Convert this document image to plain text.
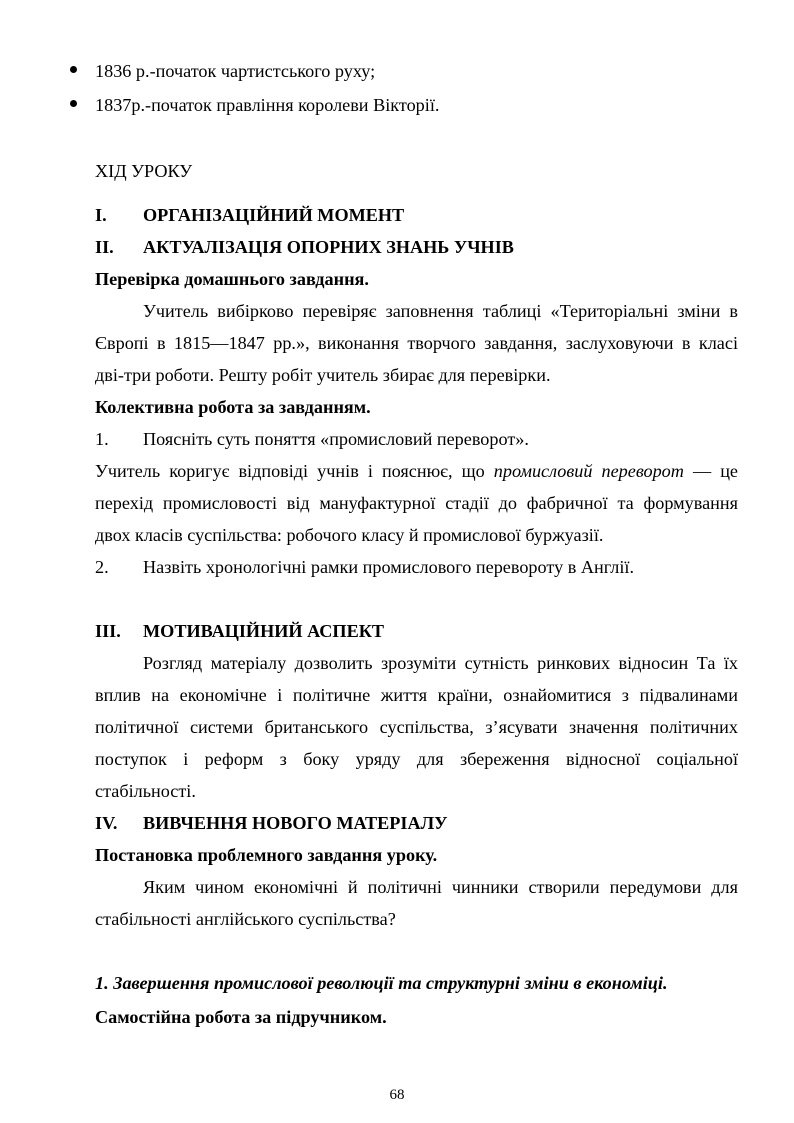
1836 р.-початок чартистського руху;
1837р.-початок правління королеви Вікторії.
ХІД УРОКУ
I. ОРГАНІЗАЦІЙНИЙ МОМЕНТ
II. АКТУАЛІЗАЦІЯ ОПОРНИХ ЗНАНЬ УЧНІВ
Перевірка домашнього завдання.
Учитель вибірково перевіряє заповнення таблиці «Територіальні зміни в
Європі в 1815—1847 рр.», виконання творчого завдання, заслуховуючи в класі
дві-три роботи. Решту робіт учитель збирає для перевірки.
Колективна робота за завданням.
1. Поясніть суть поняття «промисловий переворот».
Учитель коригує відповіді учнів і пояснює, що промисловий переворот — це
перехід промисловості від мануфактурної стадії до фабричної та формування
двох класів суспільства: робочого класу й промислової буржуазії.
2. Назвіть хронологічні рамки промислового перевороту в Англії.
III. МОТИВАЦІЙНИЙ АСПЕКТ
Розгляд матеріалу дозволить зрозуміти сутність ринкових відносин Та їх
вплив на економічне і політичне життя країни, ознайомитися з підвалинами
політичної системи британського суспільства, з’ясувати значення політичних
поступок і реформ з боку уряду для збереження відносної соціальної
стабільності.
IV. ВИВЧЕННЯ НОВОГО МАТЕРІАЛУ
Постановка проблемного завдання уроку.
Яким чином економічні й політичні чинники створили передумови для
стабільності англійського суспільства?
1. Завершення промислової революції та структурні зміни в економіці.
Самостійна робота за підручником.
68
